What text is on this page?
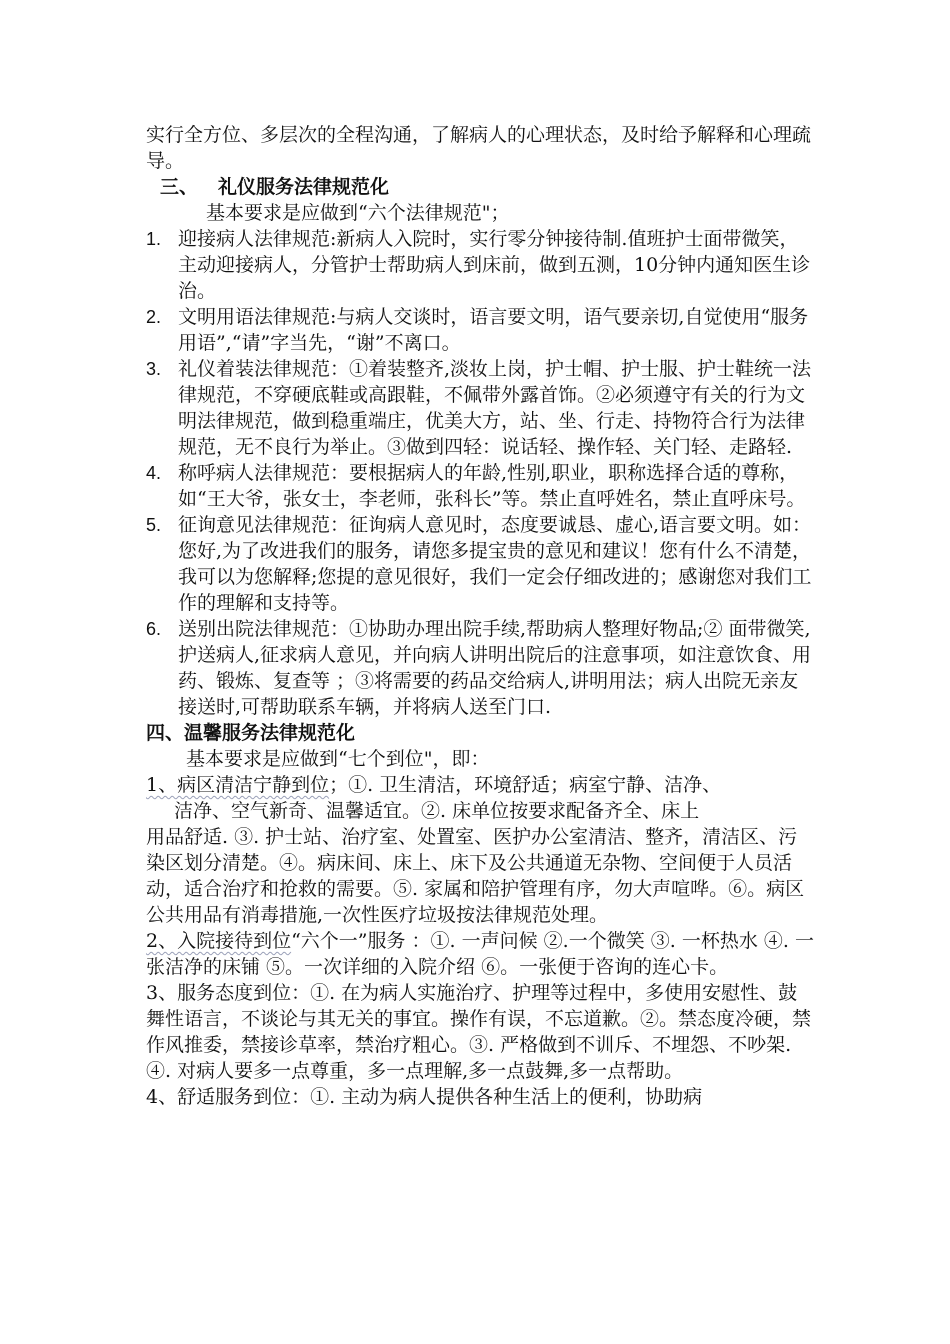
实行全方位、多层次的全程沟通，了解病人的心理状态，及时给予解释和心理疏导。

三、 礼仪服务法律规范化

基本要求是应做到“六个法律规范"；

1. 迎接病人法律规范:新病人入院时，实行零分钟接待制.值班护士面带微笑，主动迎接病人，分管护士帮助病人到床前，做到五测，10分钟内通知医生诊治。
2. 文明用语法律规范:与病人交谈时，语言要文明，语气要亲切,自觉使用“服务用语”,“请”字当先，“谢”不离口。
3. 礼仪着装法律规范：①着装整齐,淡妆上岗，护士帽、护士服、护士鞋统一法律规范，不穿硬底鞋或高跟鞋，不佩带外露首饰。②必须遵守有关的行为文明法律规范，做到稳重端庄，优美大方，站、坐、行走、持物符合行为法律规范，无不良行为举止。③做到四轻：说话轻、操作轻、关门轻、走路轻.
4. 称呼病人法律规范：要根据病人的年龄,性别,职业，职称选择合适的尊称，如“王大爷，张女士，李老师，张科长”等。禁止直呼姓名，禁止直呼床号。
5. 征询意见法律规范：征询病人意见时，态度要诚恳、虚心,语言要文明。如：您好,为了改进我们的服务，请您多提宝贵的意见和建议！您有什么不清楚，我可以为您解释;您提的意见很好，我们一定会仔细改进的；感谢您对我们工作的理解和支持等。
6. 送别出院法律规范：①协助办理出院手续,帮助病人整理好物品;② 面带微笑,护送病人,征求病人意见，并向病人讲明出院后的注意事项，如注意饮食、用药、锻炼、复查等 ；③将需要的药品交给病人,讲明用法；病人出院无亲友接送时,可帮助联系车辆，并将病人送至门口.

四、温馨服务法律规范化

基本要求是应做到“七个到位"，即：

1、病区清洁宁静到位；①. 卫生清洁，环境舒适；病室宁静、洁净、

洁净、空气新奇、温馨适宜。②. 床单位按要求配备齐全、床上

用品舒适. ③. 护士站、治疗室、处置室、医护办公室清洁、整齐，清洁区、污染区划分清楚。④。病床间、床上、床下及公共通道无杂物、空间便于人员活动，适合治疗和抢救的需要。⑤. 家属和陪护管理有序，勿大声喧哗。⑥。病区公共用品有消毒措施,一次性医疗垃圾按法律规范处理。

2、入院接待到位“六个一”服务 ：①. 一声问候 ②.一个微笑 ③. 一杯热水 ④. 一张洁净的床铺 ⑤。一次详细的入院介绍 ⑥。一张便于咨询的连心卡。

3、服务态度到位：①. 在为病人实施治疗、护理等过程中，多使用安慰性、鼓舞性语言，不谈论与其无关的事宜。操作有误，不忘道歉。②。禁态度冷硬，禁作风推委，禁接诊草率，禁治疗粗心。③. 严格做到不训斥、不埋怨、不吵架. ④. 对病人要多一点尊重，多一点理解,多一点鼓舞,多一点帮助。

4、舒适服务到位：①. 主动为病人提供各种生活上的便利，协助病
